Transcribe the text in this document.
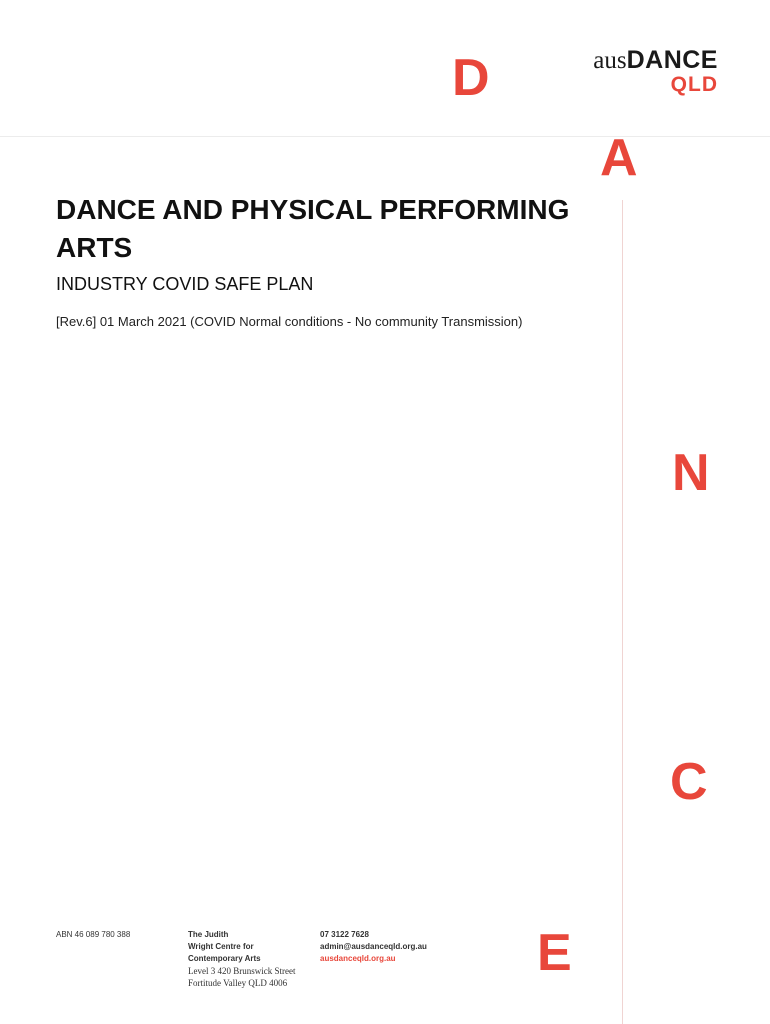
ausDANCE
QLD
D
A
N
C
E
DANCE AND PHYSICAL PERFORMING ARTS
INDUSTRY COVID SAFE PLAN
[Rev.6] 01 March 2021 (COVID Normal conditions - No community Transmission)
ABN 46 089 780 388	The Judith
Wright Centre for
Contemporary Arts
Level 3 420 Brunswick Street
Fortitude Valley QLD 4006
07 3122 7628
admin@ausdanceqld.org.au
ausdanceqld.org.au
